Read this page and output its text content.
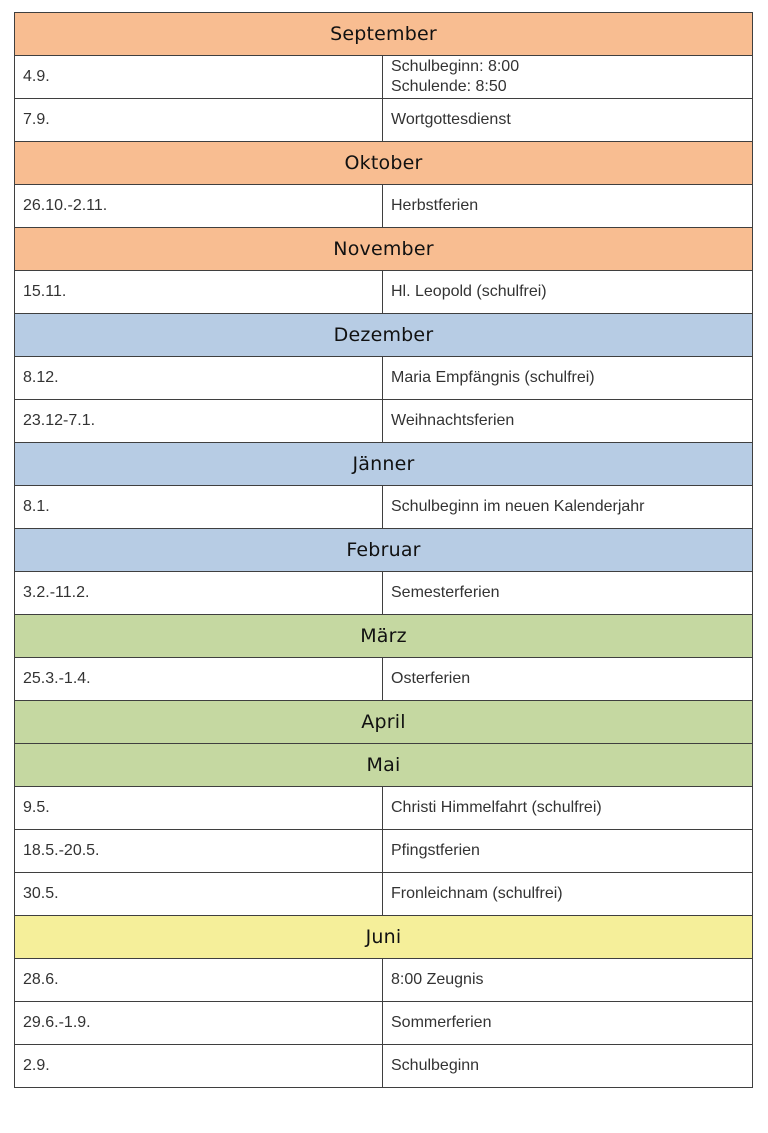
September	
4.9.	Schulbeginn: 8:00
Schulende: 8:50

7.9.	Wortgottesdienst

Oktober	
26.10.-2.11.	Herbstferien

November	
15.11.	Hl. Leopold (schulfrei)

Dezember	
8.12.	Maria Empfängnis (schulfrei)

23.12-7.1.	Weihnachtsferien

Jänner	
8.1.	Schulbeginn im neuen Kalenderjahr

Februar	
3.2.-11.2.	Semesterferien

März	
25.3.-1.4.	Osterferien

April	
Mai	
9.5.	Christi Himmelfahrt (schulfrei)

18.5.-20.5.	Pfingstferien

30.5.	Fronleichnam (schulfrei)

Juni	
28.6.	8:00 Zeugnis

29.6.-1.9.	Sommerferien

2.9.	Schulbeginn
